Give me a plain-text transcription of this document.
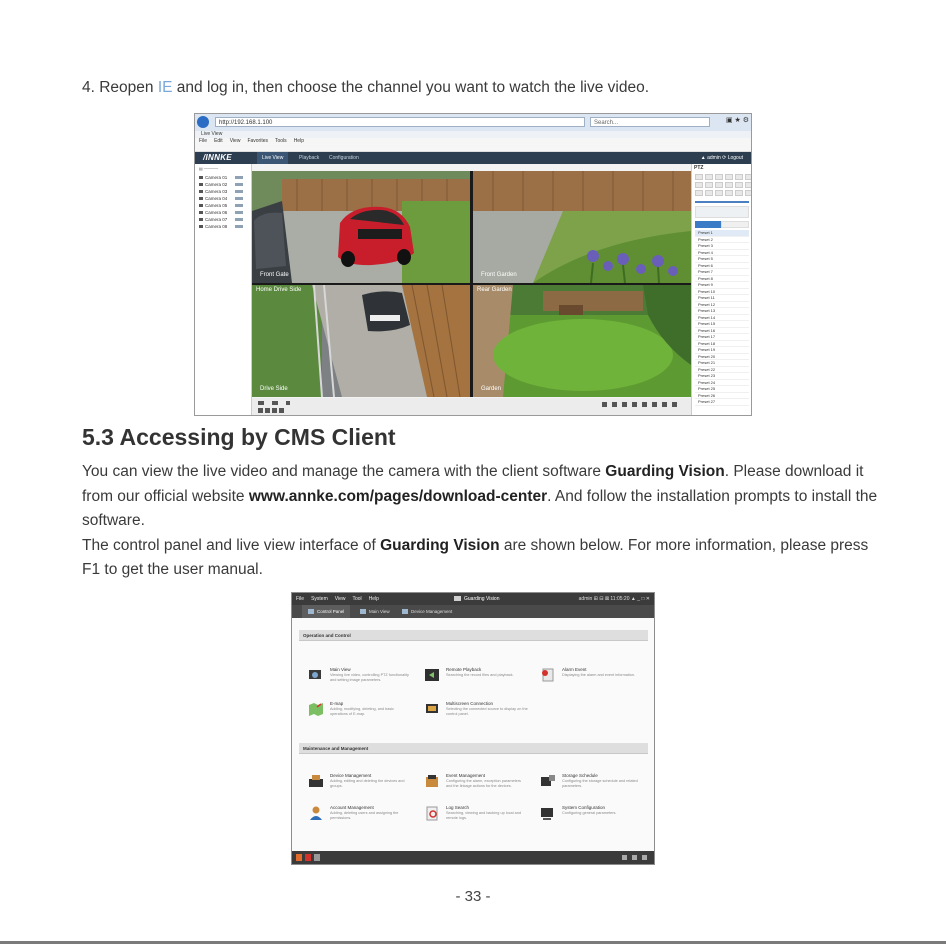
4. Reopen IE and log in, then choose the channel you want to watch the live video.
http://192.168.1.100	Search...	▣ ★ ⚙
Live View
File Edit View Favorites Tools Help
/INNKE	Live View	Playback Configuration	▲ admin ⟳ Logout
▤ ─────
Camera 01
Camera 02
Camera 03
Camera 04
Camera 05
Camera 06
Camera 07
Camera 08
Front Gate	Front Garden
Home Drive Side
Drive Side
Rear Garden
Garden
PTZ
Preset 1
Preset 2
Preset 3
Preset 4
Preset 5
Preset 6
Preset 7
Preset 8
Preset 9
Preset 10
Preset 11
Preset 12
Preset 13
Preset 14
Preset 15
Preset 16
Preset 17
Preset 18
Preset 19
Preset 20
Preset 21
Preset 22
Preset 23
Preset 24
Preset 25
Preset 26
Preset 27
5.3 Accessing by CMS Client
You can view the live video and manage the camera with the client software Guarding Vision. Please download it from our official website www.annke.com/pages/download-center. And follow the installation prompts to install the software.
The control panel and live view interface of Guarding Vision are shown below. For more information, please press F1 to get the user manual.
File System View Tool Help	Guarding Vision	admin ⊞ ⊟ ⊠ 11:05:20 ▲ _ □ ✕
Control Panel	Main View	Device Management
Operation and Control
Main View
Viewing live video, controlling PTZ functionality and setting image parameters.
Remote Playback
Searching the record files and playback.
Alarm Event
Displaying the alarm and event information.
E-map
Adding, modifying, deleting, and basic operations of E-map.
Multiscreen Connection
Selecting the connected source to display on the control panel.
Maintenance and Management
Device Management
Adding, editing and deleting the devices and groups.
Event Management
Configuring the alarm, exception parameters and the linkage actions for the devices.
Storage Schedule
Configuring the storage schedule and related parameters.
Account Management
Adding, deleting users and assigning the permissions.
Log Search
Searching, viewing and backing up local and remote logs.
System Configuration
Configuring general parameters.
- 33 -
